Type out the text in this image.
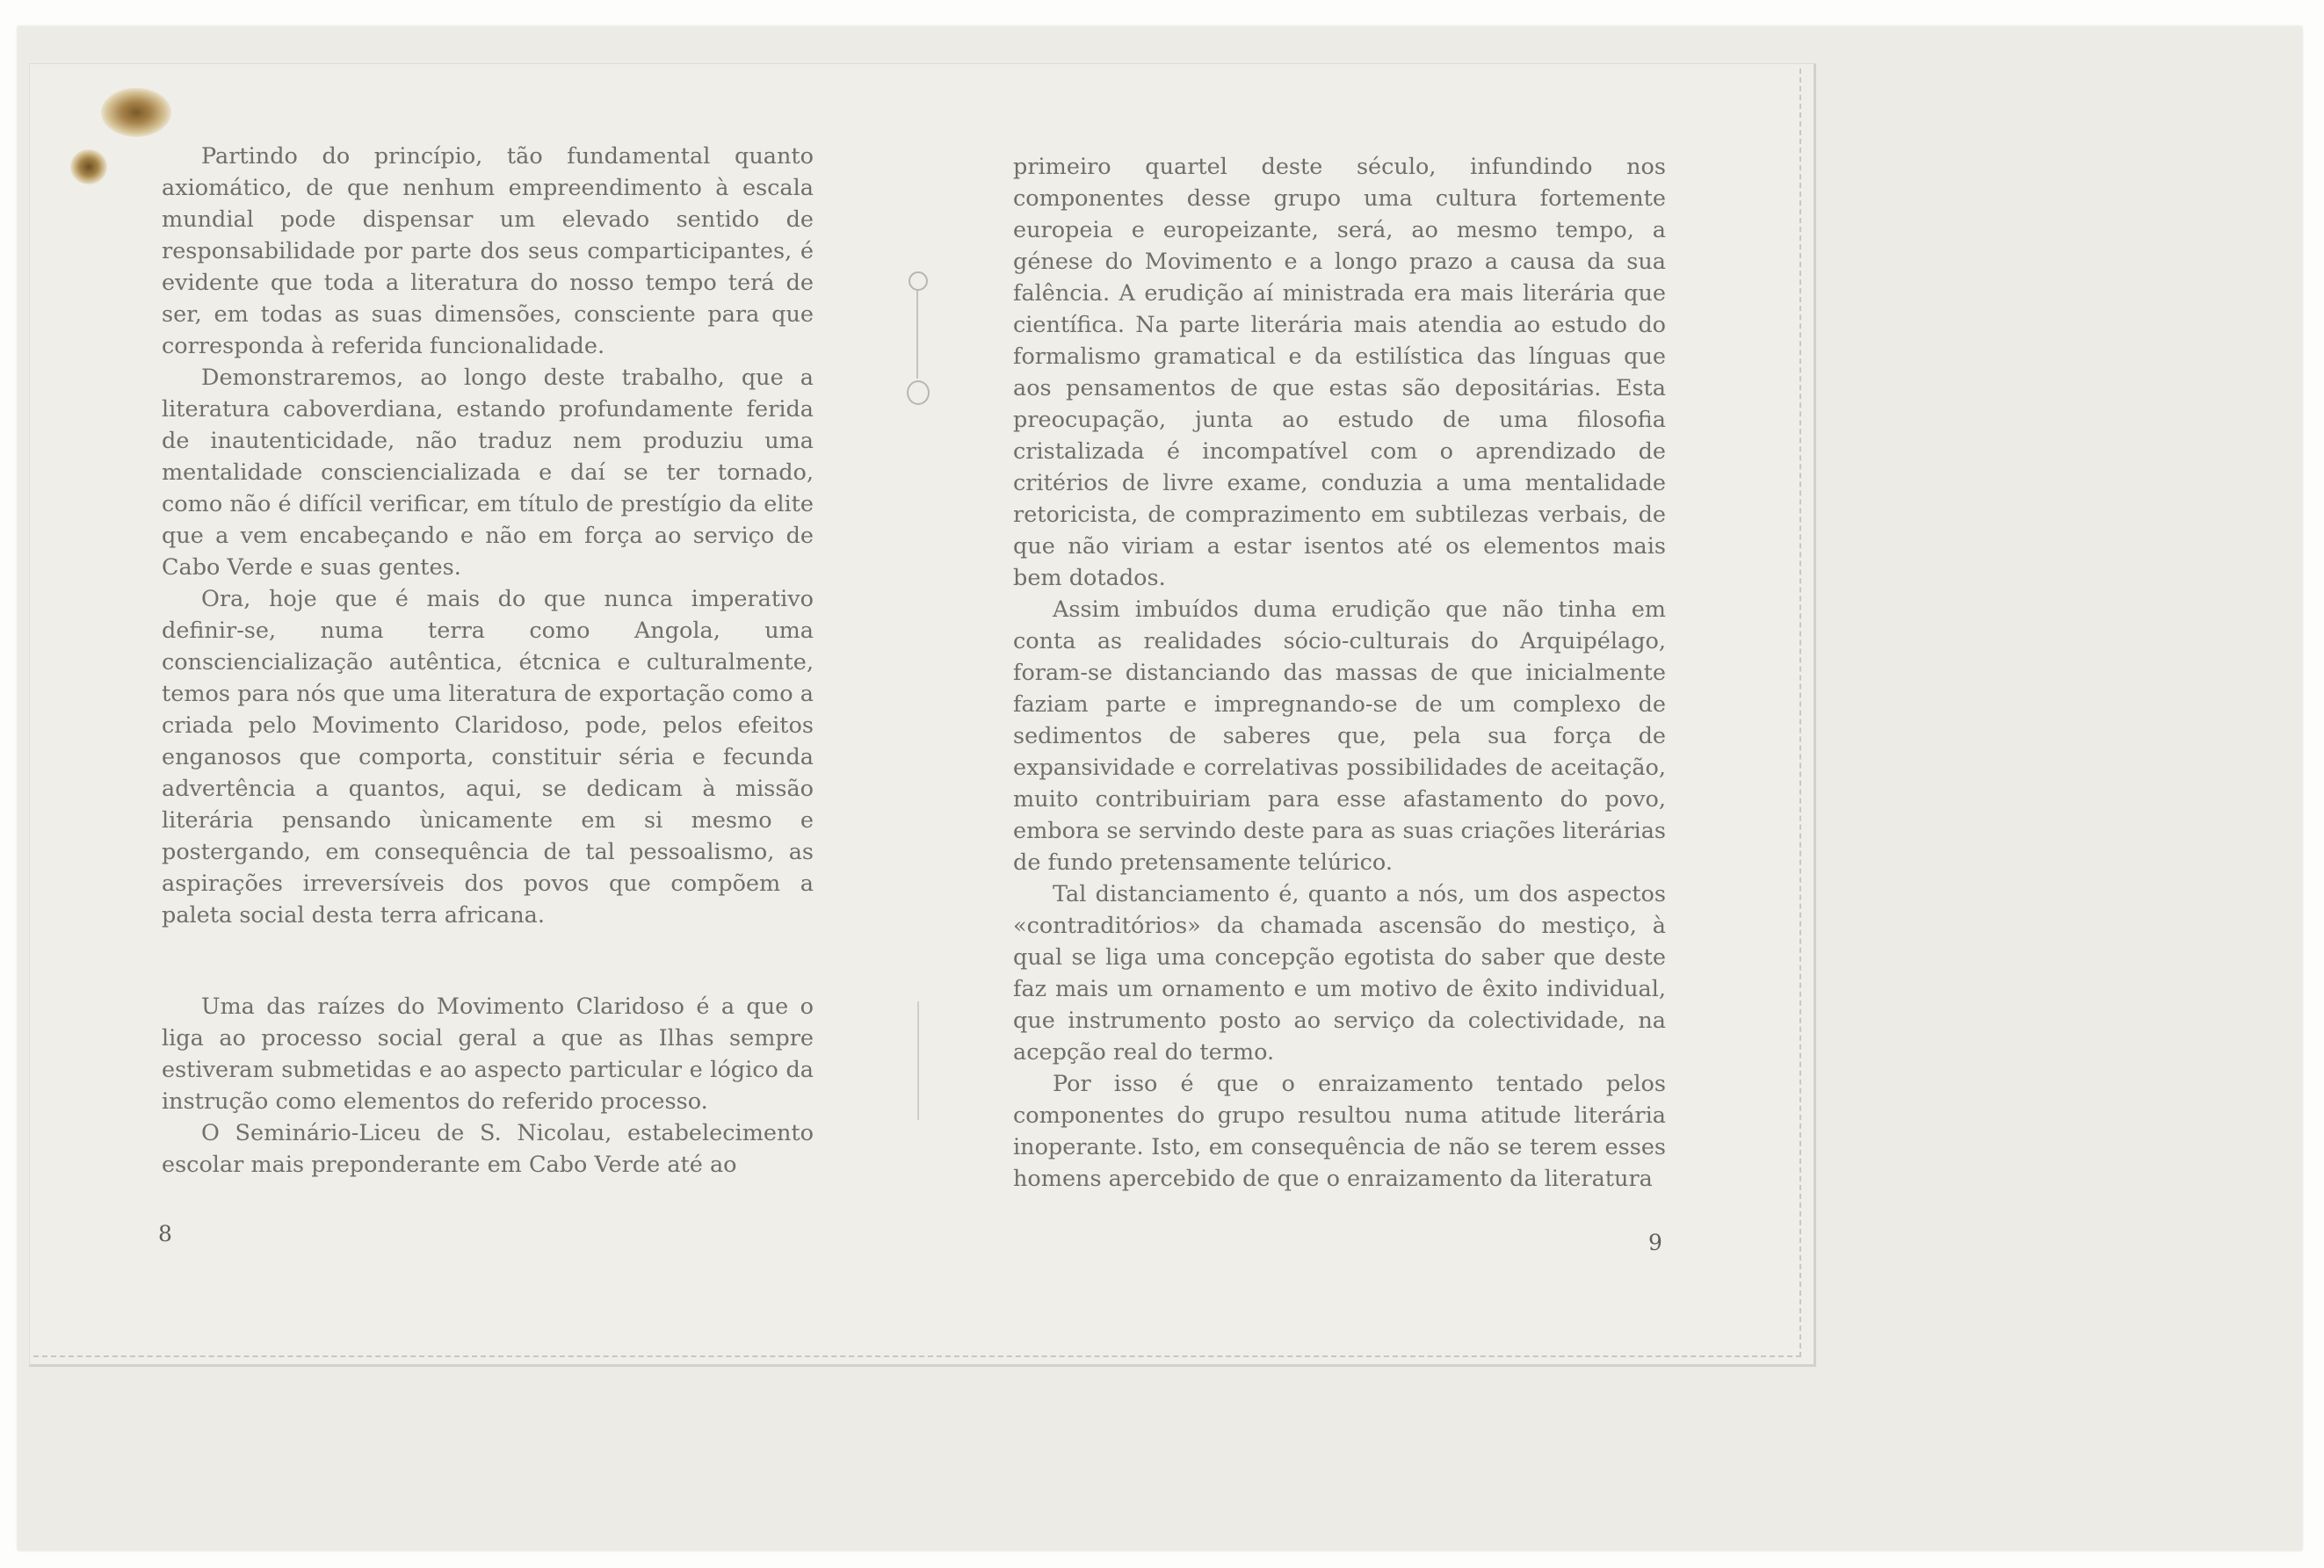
Partindo do princípio, tão fundamental quanto axiomático, de que nenhum empreendimento à escala mundial pode dispensar um elevado sentido de responsabilidade por parte dos seus comparticipantes, é evidente que toda a literatura do nosso tempo terá de ser, em todas as suas dimensões, consciente para que corresponda à referida funcionalidade.

Demonstraremos, ao longo deste trabalho, que a literatura caboverdiana, estando profundamente ferida de inautenticidade, não traduz nem produziu uma mentalidade consciencializada e daí se ter tornado, como não é difícil verificar, em título de prestígio da elite que a vem encabeçando e não em força ao serviço de Cabo Verde e suas gentes.

Ora, hoje que é mais do que nunca imperativo definir-se, numa terra como Angola, uma consciencialização autêntica, étcnica e culturalmente, temos para nós que uma literatura de exportação como a criada pelo Movimento Claridoso, pode, pelos efeitos enganosos que comporta, constituir séria e fecunda advertência a quantos, aqui, se dedicam à missão literária pensando ùnicamente em si mesmo e postergando, em consequência de tal pessoalismo, as aspirações irreversíveis dos povos que compõem a paleta social desta terra africana.

Uma das raízes do Movimento Claridoso é a que o liga ao processo social geral a que as Ilhas sempre estiveram submetidas e ao aspecto particular e lógico da instrução como elementos do referido processo.

O Seminário-Liceu de S. Nicolau, estabelecimento escolar mais preponderante em Cabo Verde até ao

primeiro quartel deste século, infundindo nos componentes desse grupo uma cultura fortemente europeia e europeizante, será, ao mesmo tempo, a génese do Movimento e a longo prazo a causa da sua falência. A erudição aí ministrada era mais literária que científica. Na parte literária mais atendia ao estudo do formalismo gramatical e da estilística das línguas que aos pensamentos de que estas são depositárias. Esta preocupação, junta ao estudo de uma filosofia cristalizada é incompatível com o aprendizado de critérios de livre exame, conduzia a uma mentalidade retoricista, de comprazimento em subtilezas verbais, de que não viriam a estar isentos até os elementos mais bem dotados.

Assim imbuídos duma erudição que não tinha em conta as realidades sócio-culturais do Arquipélago, foram-se distanciando das massas de que inicialmente faziam parte e impregnando-se de um complexo de sedimentos de saberes que, pela sua força de expansividade e correlativas possibilidades de aceitação, muito contribuiriam para esse afastamento do povo, embora se servindo deste para as suas criações literárias de fundo pretensamente telúrico.

Tal distanciamento é, quanto a nós, um dos aspectos «contraditórios» da chamada ascensão do mestiço, à qual se liga uma concepção egotista do saber que deste faz mais um ornamento e um motivo de êxito individual, que instrumento posto ao serviço da colectividade, na acepção real do termo.

Por isso é que o enraizamento tentado pelos componentes do grupo resultou numa atitude literária inoperante. Isto, em consequência de não se terem esses homens apercebido de que o enraizamento da literatura

8	9
